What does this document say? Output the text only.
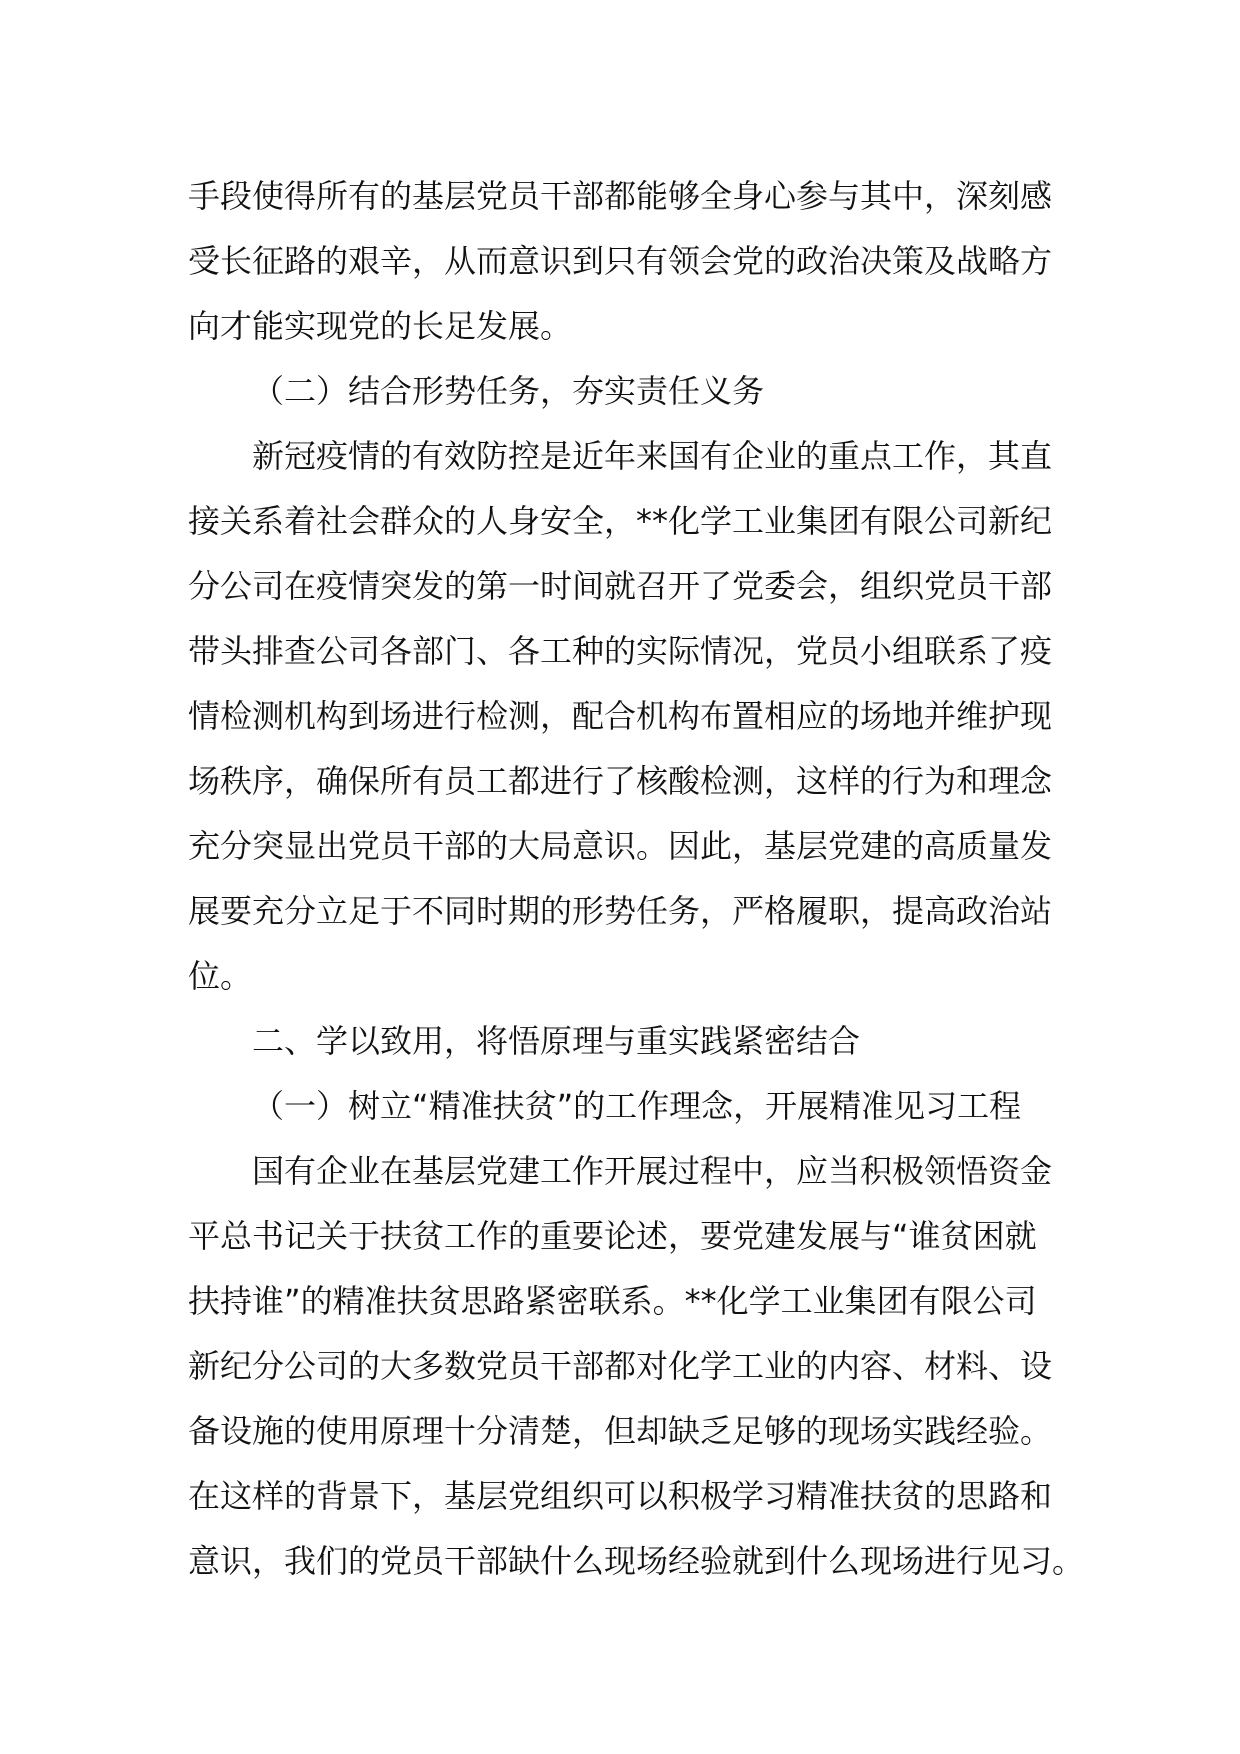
手段使得所有的基层党员干部都能够全身心参与其中，深刻感
受长征路的艰辛，从而意识到只有领会党的政治决策及战略方
向才能实现党的长足发展。
（二）结合形势任务，夯实责任义务
新冠疫情的有效防控是近年来国有企业的重点工作，其直
接关系着社会群众的人身安全，**化学工业集团有限公司新纪
分公司在疫情突发的第一时间就召开了党委会，组织党员干部
带头排查公司各部门、各工种的实际情况，党员小组联系了疫
情检测机构到场进行检测，配合机构布置相应的场地并维护现
场秩序，确保所有员工都进行了核酸检测，这样的行为和理念
充分突显出党员干部的大局意识。因此，基层党建的高质量发
展要充分立足于不同时期的形势任务，严格履职，提高政治站
位。
二、学以致用，将悟原理与重实践紧密结合
（一）树立“精准扶贫”的工作理念，开展精准见习工程
国有企业在基层党建工作开展过程中，应当积极领悟资金
平总书记关于扶贫工作的重要论述，要党建发展与“谁贫困就
扶持谁”的精准扶贫思路紧密联系。**化学工业集团有限公司
新纪分公司的大多数党员干部都对化学工业的内容、材料、设
备设施的使用原理十分清楚，但却缺乏足够的现场实践经验。
在这样的背景下，基层党组织可以积极学习精准扶贫的思路和
意识，我们的党员干部缺什么现场经验就到什么现场进行见习。
